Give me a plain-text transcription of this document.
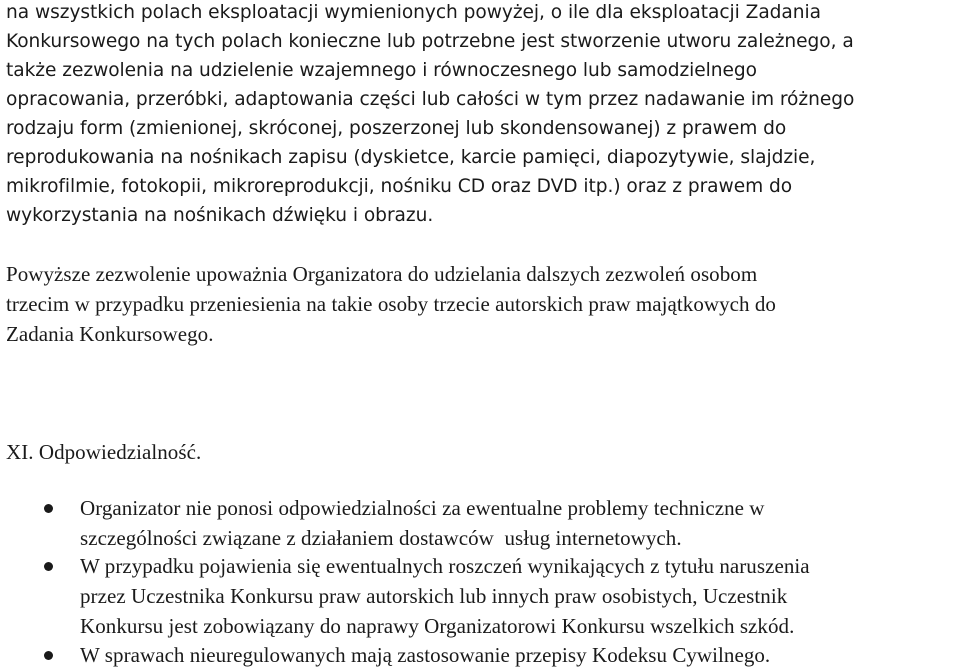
na wszystkich polach eksploatacji wymienionych powyżej, o ile dla eksploatacji Zadania
Konkursowego na tych polach konieczne lub potrzebne jest stworzenie utworu zależnego, a
także zezwolenia na udzielenie wzajemnego i równoczesnego lub samodzielnego
opracowania, przeróbki, adaptowania części lub całości w tym przez nadawanie im różnego
rodzaju form (zmienionej, skróconej, poszerzonej lub skondensowanej) z prawem do
reprodukowania na nośnikach zapisu (dyskietce, karcie pamięci, diapozytywie, slajdzie,
mikrofilmie, fotokopii, mikroreprodukcji, nośniku CD oraz DVD itp.) oraz z prawem do
wykorzystania na nośnikach dźwięku i obrazu.
Powyższe zezwolenie upoważnia Organizatora do udzielania dalszych zezwoleń osobom
trzecim w przypadku przeniesienia na takie osoby trzecie autorskich praw majątkowych do
Zadania Konkursowego.
XI. Odpowiedzialność.
Organizator nie ponosi odpowiedzialności za ewentualne problemy techniczne w
szczególności związane z działaniem dostawców  usług internetowych.
W przypadku pojawienia się ewentualnych roszczeń wynikających z tytułu naruszenia
przez Uczestnika Konkursu praw autorskich lub innych praw osobistych, Uczestnik
Konkursu jest zobowiązany do naprawy Organizatorowi Konkursu wszelkich szkód.
W sprawach nieuregulowanych mają zastosowanie przepisy Kodeksu Cywilnego.
